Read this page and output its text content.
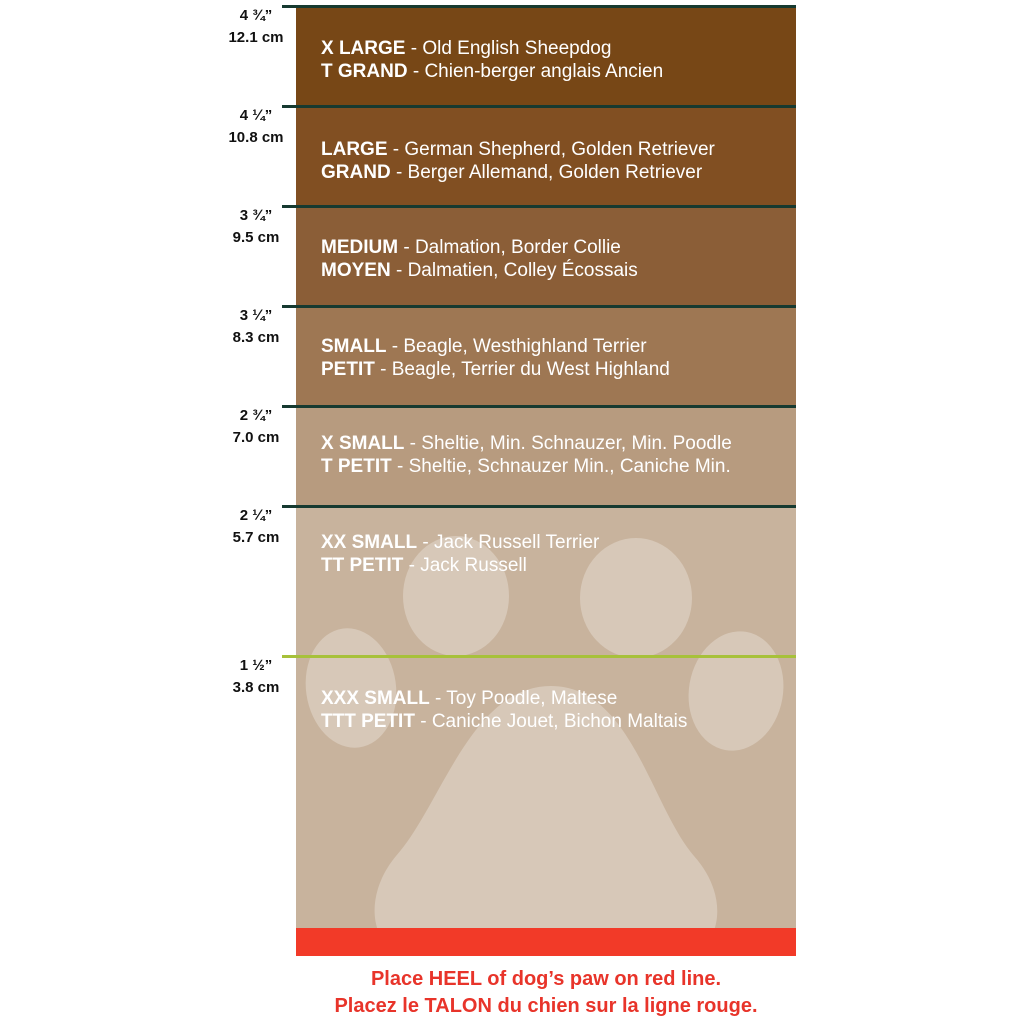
4 ¾”
12.1 cm
4 ¼”
10.8 cm
3 ¾”
9.5 cm
3 ¼”
8.3 cm
2 ¾”
7.0 cm
2 ¼”
5.7 cm
1 ½”
3.8 cm
X LARGE - Old English Sheepdog
T GRAND - Chien-berger anglais Ancien
LARGE - German Shepherd, Golden Retriever
GRAND - Berger Allemand, Golden Retriever
MEDIUM - Dalmation, Border Collie
MOYEN - Dalmatien, Colley Écossais
SMALL - Beagle, Westhighland Terrier
PETIT - Beagle, Terrier du West Highland
X SMALL - Sheltie, Min. Schnauzer, Min. Poodle
T PETIT - Sheltie, Schnauzer Min., Caniche Min.
XX SMALL - Jack Russell Terrier
TT PETIT - Jack Russell
XXX SMALL - Toy Poodle, Maltese
TTT PETIT - Caniche Jouet, Bichon Maltais
Place HEEL of dog’s paw on red line.
Placez le TALON du chien sur la ligne rouge.
